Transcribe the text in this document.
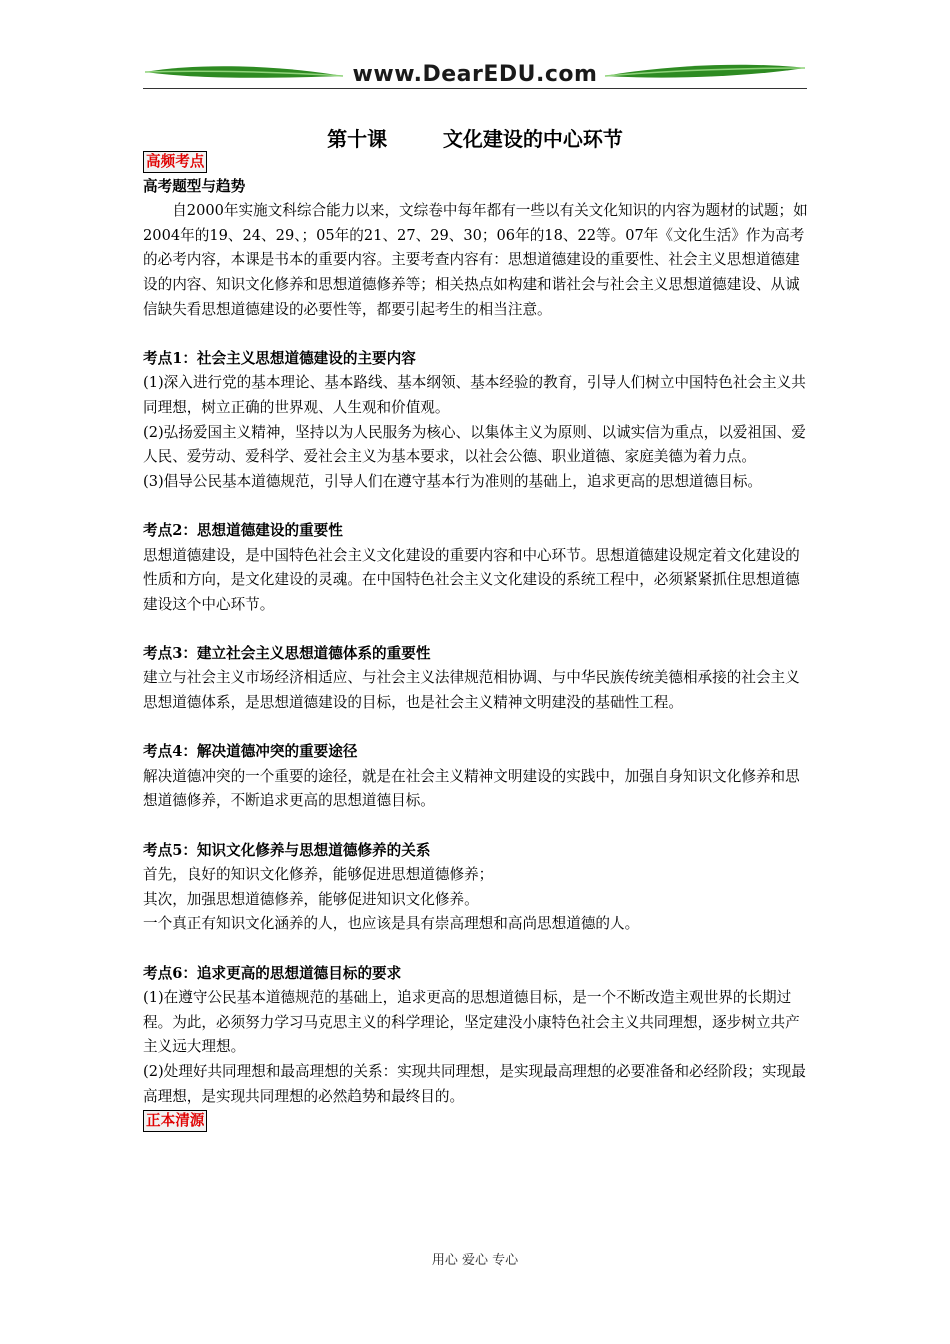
www.DearEDU.com
第十课        文化建设的中心环节
高频考点
高考题型与趋势

自2000年实施文科综合能力以来，文综卷中每年都有一些以有关文化知识的内容为题材的试题；如2004年的19、24、29、；05年的21、27、29、30；06年的18、22等。07年《文化生活》作为高考的必考内容，本课是书本的重要内容。主要考查内容有：思想道德建设的重要性、社会主义思想道德建设的内容、知识文化修养和思想道德修养等；相关热点如构建和谐社会与社会主义思想道德建设、从诚信缺失看思想道德建设的必要性等，都要引起考生的相当注意。

考点1：社会主义思想道德建设的主要内容

(1)深入进行党的基本理论、基本路线、基本纲领、基本经验的教育，引导人们树立中国特色社会主义共同理想，树立正确的世界观、人生观和价值观。

(2)弘扬爱国主义精神，坚持以为人民服务为核心、以集体主义为原则、以诚实信为重点，以爱祖国、爱人民、爱劳动、爱科学、爱社会主义为基本要求，以社会公德、职业道德、家庭美德为着力点。

(3)倡导公民基本道德规范，引导人们在遵守基本行为准则的基础上，追求更高的思想道德目标。

考点2：思想道德建设的重要性

思想道德建设，是中国特色社会主义文化建设的重要内容和中心环节。思想道德建设规定着文化建设的性质和方向，是文化建设的灵魂。在中国特色社会主义文化建设的系统工程中，必须紧紧抓住思想道德建设这个中心环节。

考点3：建立社会主义思想道德体系的重要性

建立与社会主义市场经济相适应、与社会主义法律规范相协调、与中华民族传统美德相承接的社会主义思想道德体系，是思想道德建设的目标，也是社会主义精神文明建没的基础性工程。

考点4：解决道德冲突的重要途径

解决道德冲突的一个重要的途径，就是在社会主义精神文明建设的实践中，加强自身知识文化修养和思想道德修养，不断追求更高的思想道德目标。

考点5：知识文化修养与思想道德修养的关系

首先，良好的知识文化修养，能够促进思想道德修养；

其次，加强思想道德修养，能够促进知识文化修养。

一个真正有知识文化涵养的人，也应该是具有崇高理想和高尚思想道德的人。

考点6：追求更高的思想道德目标的要求

(1)在遵守公民基本道德规范的基础上，追求更高的思想道德目标，是一个不断改造主观世界的长期过程。为此，必须努力学习马克思主义的科学理论，坚定建没小康特色社会主义共同理想，逐步树立共产主义远大理想。

(2)处理好共同理想和最高理想的关系：实现共同理想，是实现最高理想的必要准备和必经阶段；实现最高理想，是实现共同理想的必然趋势和最终目的。

正本清源
用心 爱心 专心
